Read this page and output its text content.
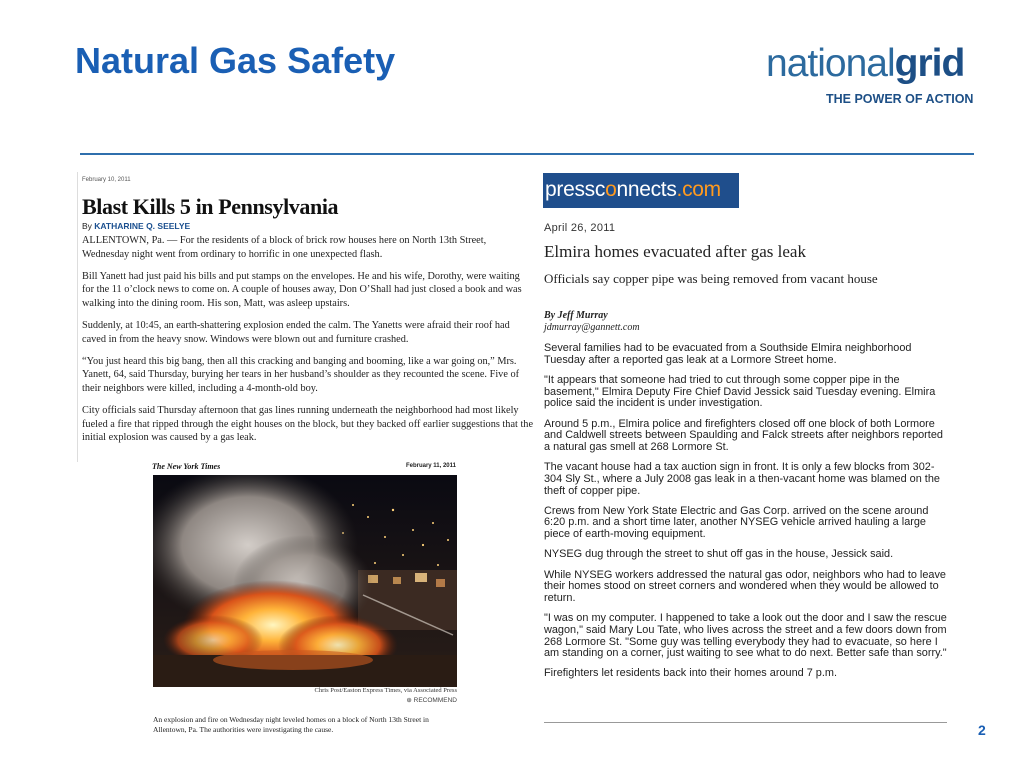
Natural Gas Safety	nationalgrid
THE POWER OF ACTION
February 10, 2011
Blast Kills 5 in Pennsylvania
By KATHARINE Q. SEELYE

ALLENTOWN, Pa. — For the residents of a block of brick row houses here on North 13th Street, Wednesday night went from ordinary to horrific in one unexpected flash.

Bill Yanett had just paid his bills and put stamps on the envelopes. He and his wife, Dorothy, were waiting for the 11 o’clock news to come on. A couple of houses away, Don O’Shall had just closed a book and was walking into the dining room. His son, Matt, was asleep upstairs.

Suddenly, at 10:45, an earth-shattering explosion ended the calm. The Yanetts were afraid their roof had caved in from the heavy snow. Windows were blown out and furniture crashed.

“You just heard this big bang, then all this cracking and banging and booming, like a war going on,” Mrs. Yanett, 64, said Thursday, burying her tears in her husband’s shoulder as they recounted the scene. Five of their neighbors were killed, including a 4-month-old boy.

City officials said Thursday afternoon that gas lines running underneath the neighborhood had most likely fueled a fire that ripped through the eight houses on the block, but they backed off earlier suggestions that the initial explosion was caused by a gas leak.

The New York Times	February 11, 2011
Chris Post/Easton Express Times, via Associated Press
⊕ RECOMMEND
An explosion and fire on Wednesday night leveled homes on a block of North 13th Street in Allentown, Pa. The authorities were investigating the cause.
pressconnects.com
April 26, 2011
Elmira homes evacuated after gas leak
Officials say copper pipe was being removed from vacant house
By Jeff Murray
jdmurray@gannett.com

Several families had to be evacuated from a Southside Elmira neighborhood Tuesday after a reported gas leak at a Lormore Street home.

"It appears that someone had tried to cut through some copper pipe in the basement," Elmira Deputy Fire Chief David Jessick said Tuesday evening. Elmira police said the incident is under investigation.

Around 5 p.m., Elmira police and firefighters closed off one block of both Lormore and Caldwell streets between Spaulding and Falck streets after neighbors reported a natural gas smell at 268 Lormore St.

The vacant house had a tax auction sign in front. It is only a few blocks from 302-304 Sly St., where a July 2008 gas leak in a then-vacant home was blamed on the theft of copper pipe.

Crews from New York State Electric and Gas Corp. arrived on the scene around 6:20 p.m. and a short time later, another NYSEG vehicle arrived hauling a large piece of earth-moving equipment.

NYSEG dug through the street to shut off gas in the house, Jessick said.

While NYSEG workers addressed the natural gas odor, neighbors who had to leave their homes stood on street corners and wondered when they would be allowed to return.

"I was on my computer. I happened to take a look out the door and I saw the rescue wagon," said Mary Lou Tate, who lives across the street and a few doors down from 268 Lormore St. "Some guy was telling everybody they had to evacuate, so here I am standing on a corner, just waiting to see what to do next. Better safe than sorry."

Firefighters let residents back into their homes around 7 p.m.

2
